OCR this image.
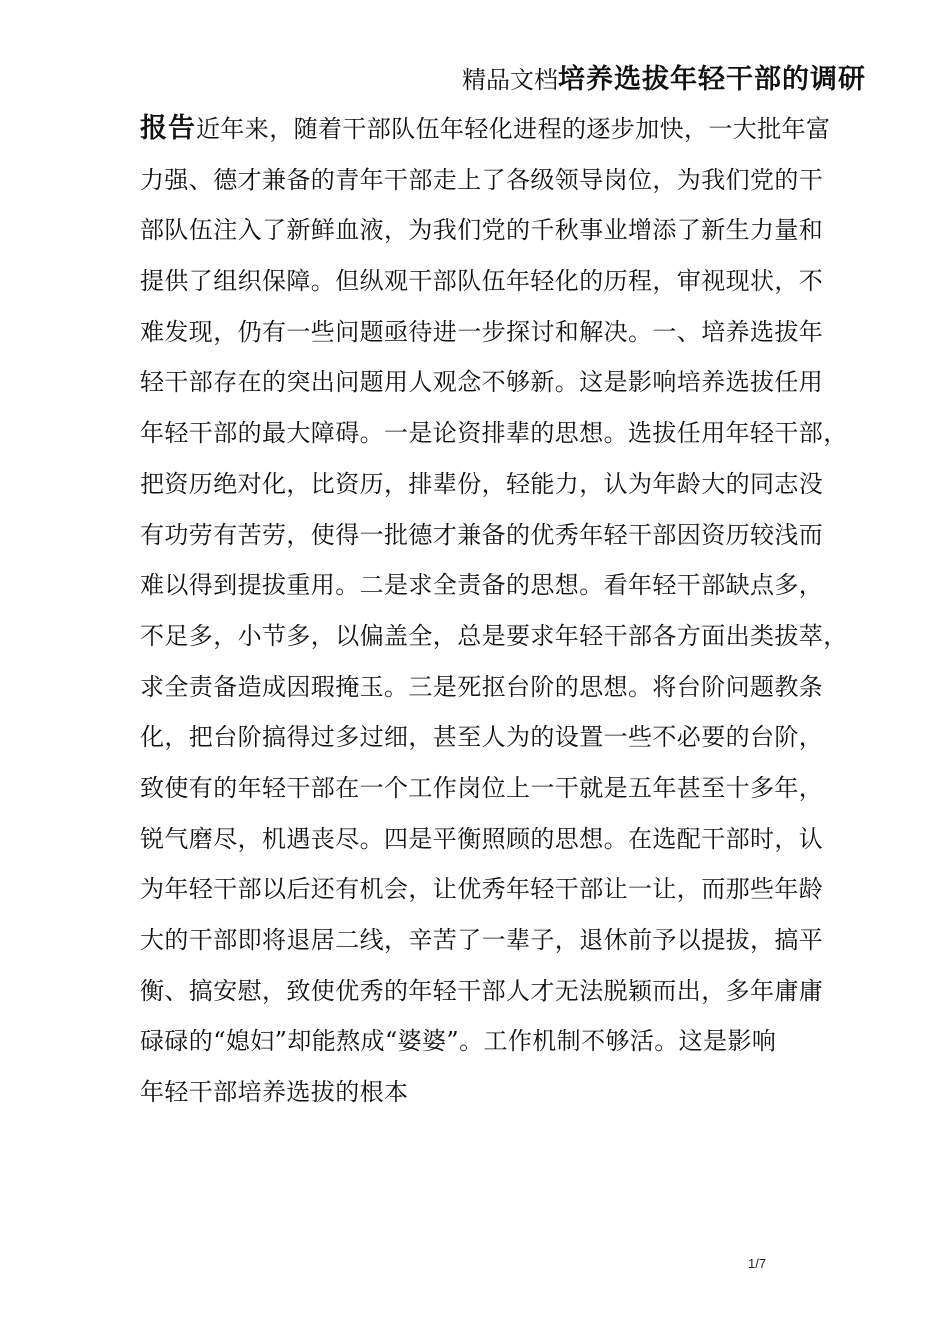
精品文档培养选拔年轻干部的调研
报告近年来，随着干部队伍年轻化进程的逐步加快，一大批年富
力强、德才兼备的青年干部走上了各级领导岗位，为我们党的干
部队伍注入了新鲜血液，为我们党的千秋事业增添了新生力量和
提供了组织保障。但纵观干部队伍年轻化的历程，审视现状，不
难发现，仍有一些问题亟待进一步探讨和解决。一、培养选拔年
轻干部存在的突出问题用人观念不够新。这是影响培养选拔任用
年轻干部的最大障碍。一是论资排辈的思想。选拔任用年轻干部，
把资历绝对化，比资历，排辈份，轻能力，认为年龄大的同志没
有功劳有苦劳，使得一批德才兼备的优秀年轻干部因资历较浅而
难以得到提拔重用。二是求全责备的思想。看年轻干部缺点多，
不足多，小节多，以偏盖全，总是要求年轻干部各方面出类拔萃，
求全责备造成因瑕掩玉。三是死抠台阶的思想。将台阶问题教条
化，把台阶搞得过多过细，甚至人为的设置一些不必要的台阶，
致使有的年轻干部在一个工作岗位上一干就是五年甚至十多年，
锐气磨尽，机遇丧尽。四是平衡照顾的思想。在选配干部时，认
为年轻干部以后还有机会，让优秀年轻干部让一让，而那些年龄
大的干部即将退居二线，辛苦了一辈子，退休前予以提拔，搞平
衡、搞安慰，致使优秀的年轻干部人才无法脱颖而出，多年庸庸
碌碌的“媳妇”却能熬成“婆婆”。工作机制不够活。这是影响
年轻干部培养选拔的根本
1/7
